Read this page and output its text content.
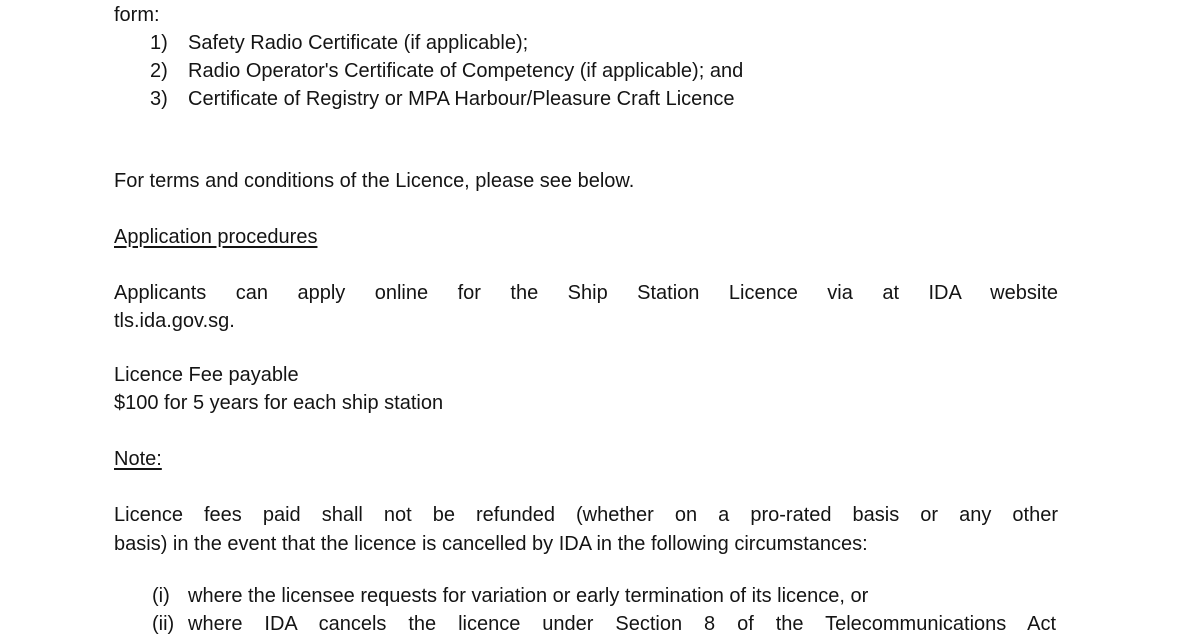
form:
1) Safety Radio Certificate (if applicable);
2) Radio Operator's Certificate of Competency (if applicable); and
3) Certificate of Registry or MPA Harbour/Pleasure Craft Licence
For terms and conditions of the Licence, please see below.
Application procedures
Applicants can apply online for the Ship Station Licence via at IDA website
tls.ida.gov.sg.
Licence Fee payable
$100 for 5 years for each ship station
Note:
Licence fees paid shall not be refunded (whether on a pro-rated basis or any other
basis) in the event that the licence is cancelled by IDA in the following circumstances:
(i) where the licensee requests for variation or early termination of its licence, or
(ii) where IDA cancels the licence under Section 8 of the Telecommunications Act
